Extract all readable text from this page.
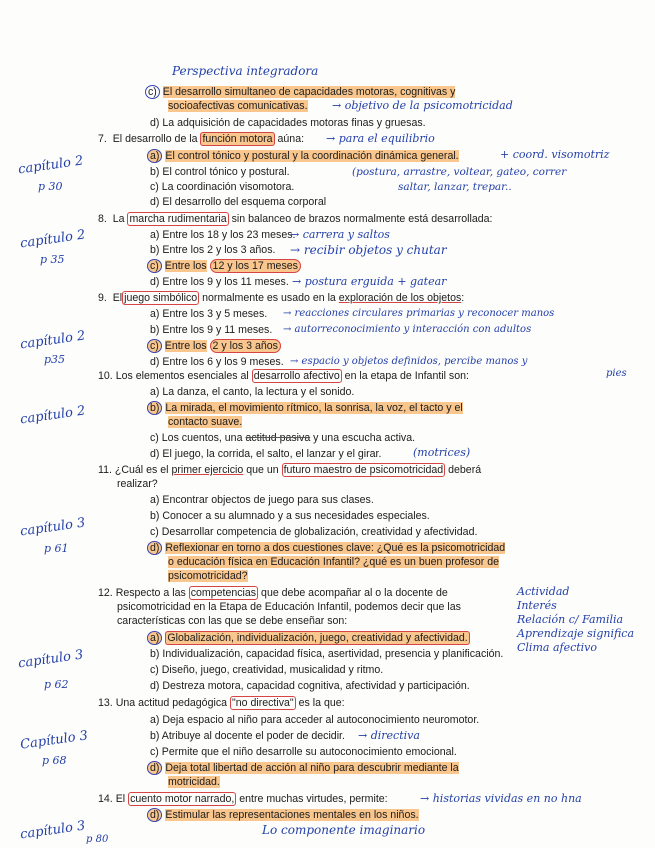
Perspectiva integradora
c) El desarrollo simultaneo de capacidades motoras, cognitivas y
socioafectivas comunicativas. → objetivo de la psicomotricidad
d) La adquisición de capacidades motoras finas y gruesas.
7. El desarrollo de la función motora aúna: → para el equilibrio
a) El control tónico y postural y la coordinación dinámica general.	+ coord. visomotriz
b) El control tónico y postural.	(postura, arrastre, voltear, gateo, correr
c) La coordinación visomotora.	saltar, lanzar, trepar..
d) El desarrollo del esquema corporal
8. La marcha rudimentaria sin balanceo de brazos normalmente está desarrollada:
a) Entre los 18 y los 23 meses.
→ carrera y saltos
b) Entre los 2 y los 3 años. → recibir objetos y chutar
c) Entre los 12 y los 17 meses
d) Entre los 9 y los 11 meses. → postura erguida + gatear
9. El juego simbólico normalmente es usado en la exploración de los objetos:
a) Entre los 3 y 5 meses. → reacciones circulares primarias y reconocer manos
b) Entre los 9 y 11 meses. → autorreconocimiento y interacción con adultos
c) Entre los 2 y los 3 años
d) Entre los 6 y los 9 meses. → espacio y objetos definidos, percibe manos y
pies
10. Los elementos esenciales al desarrollo afectivo en la etapa de Infantil son:
a) La danza, el canto, la lectura y el sonido.
b) La mirada, el movimiento rítmico, la sonrisa, la voz, el tacto y el
contacto suave.
c) Los cuentos, una actitud pasiva y una escucha activa.
d) El juego, la corrida, el salto, el lanzar y el girar.	(motrices)
11. ¿Cuál es el primer ejercicio que un futuro maestro de psicomotricidad deberá
realizar?
a) Encontrar objectos de juego para sus clases.
b) Conocer a su alumnado y a sus necesidades especiales.
c) Desarrollar competencia de globalización, creatividad y afectividad.
d) Reflexionar en torno a dos cuestiones clave: ¿Qué es la psicomotricidad
o educación física en Educación Infantil? ¿qué es un buen profesor de
psicomotricidad?
12. Respecto a las competencias que debe acompañar al o la docente de
psicomotricidad en la Etapa de Educación Infantil, podemos decir que las
características con las que se debe enseñar son:
a) Globalización, individualización, juego, creatividad y afectividad.
b) Individualización, capacidad física, asertividad, presencia y planificación.
c) Diseño, juego, creatividad, musicalidad y ritmo.
d) Destreza motora, capacidad cognitiva, afectividad y participación.
Actividad
Interés
Relación c/ Familia
Aprendizaje significa
Clima afectivo
13. Una actitud pedagógica "no directiva" es la que:
a) Deja espacio al niño para acceder al autoconocimiento neuromotor.
b) Atribuye al docente el poder de decidir. → directiva
c) Permite que el niño desarrolle su autoconocimiento emocional.
d) Deja total libertad de acción al niño para descubrir mediante la
motricidad.
14. El cuento motor narrado, entre muchas virtudes, permite:	→ historias vividas en no hna
d) Estimular las representaciones mentales en los niños.
Lo componente imaginario
capítulo 2
p 30
capítulo 2
p 35
capítulo 2
p35
capítulo 2
capítulo 3
p 61
capítulo 3
p 62
Capítulo 3
p 68
capítulo 3 p 80
